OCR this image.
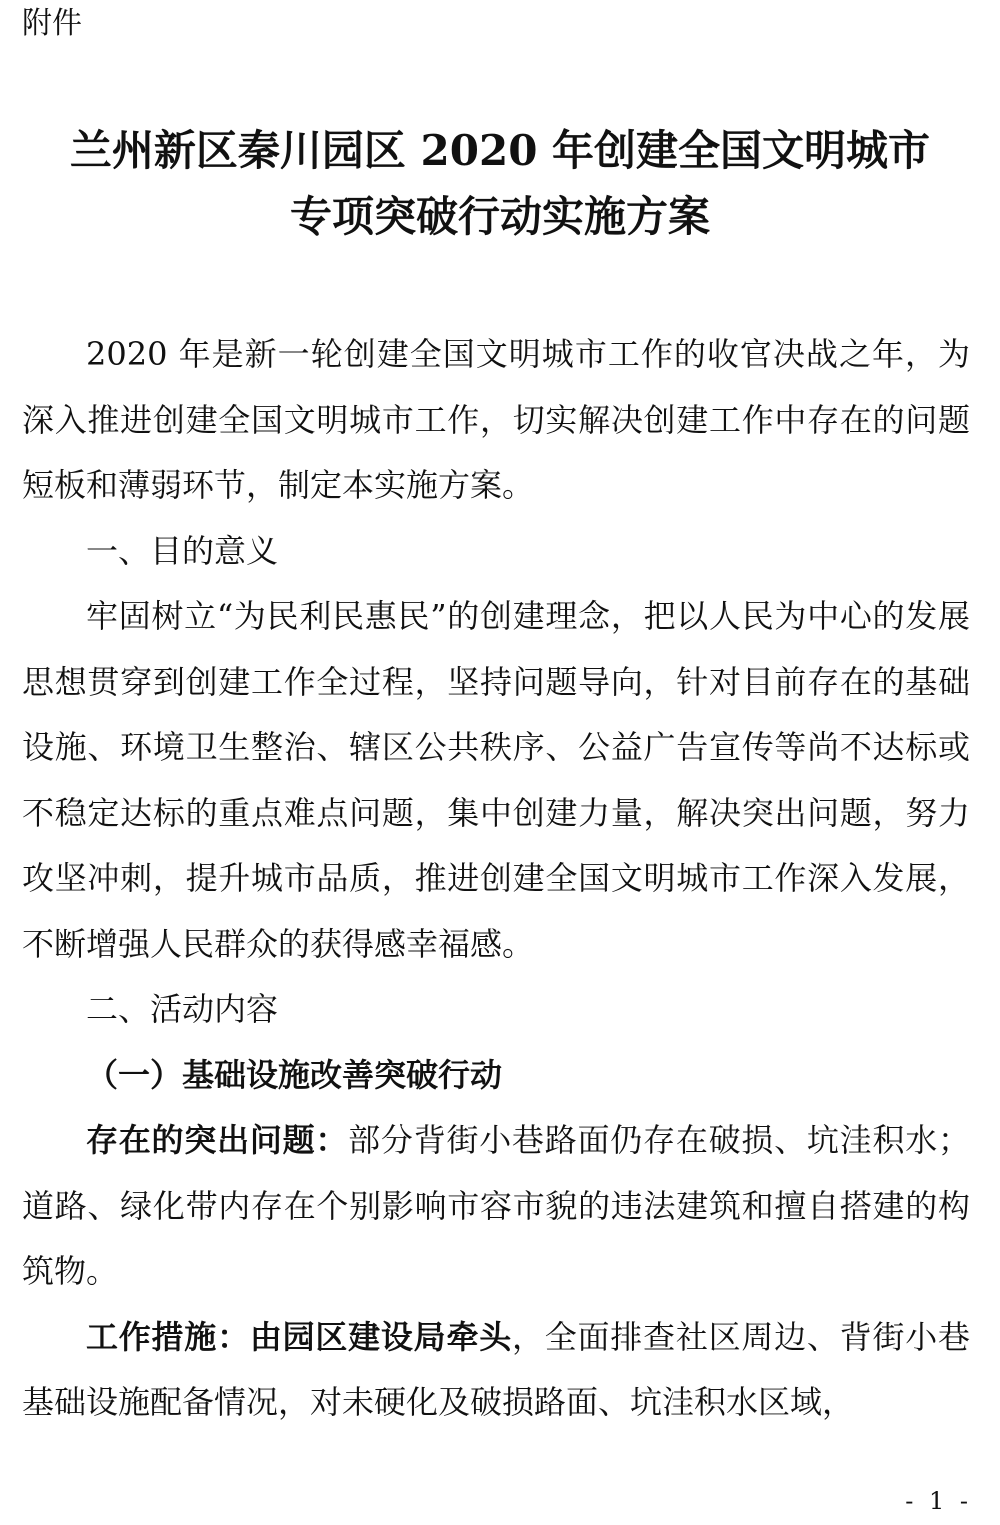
附件
兰州新区秦川园区 2020 年创建全国文明城市
专项突破行动实施方案

2020 年是新一轮创建全国文明城市工作的收官决战之年，为深入推进创建全国文明城市工作，切实解决创建工作中存在的问题短板和薄弱环节，制定本实施方案。

一、目的意义

牢固树立“为民利民惠民”的创建理念，把以人民为中心的发展思想贯穿到创建工作全过程，坚持问题导向，针对目前存在的基础设施、环境卫生整治、辖区公共秩序、公益广告宣传等尚不达标或不稳定达标的重点难点问题，集中创建力量，解决突出问题，努力攻坚冲刺，提升城市品质，推进创建全国文明城市工作深入发展，不断增强人民群众的获得感幸福感。

二、活动内容

（一）基础设施改善突破行动

存在的突出问题：部分背街小巷路面仍存在破损、坑洼积水；道路、绿化带内存在个别影响市容市貌的违法建筑和擅自搭建的构筑物。

工作措施：由园区建设局牵头，全面排查社区周边、背街小巷基础设施配备情况，对未硬化及破损路面、坑洼积水区域，

- 1 -
